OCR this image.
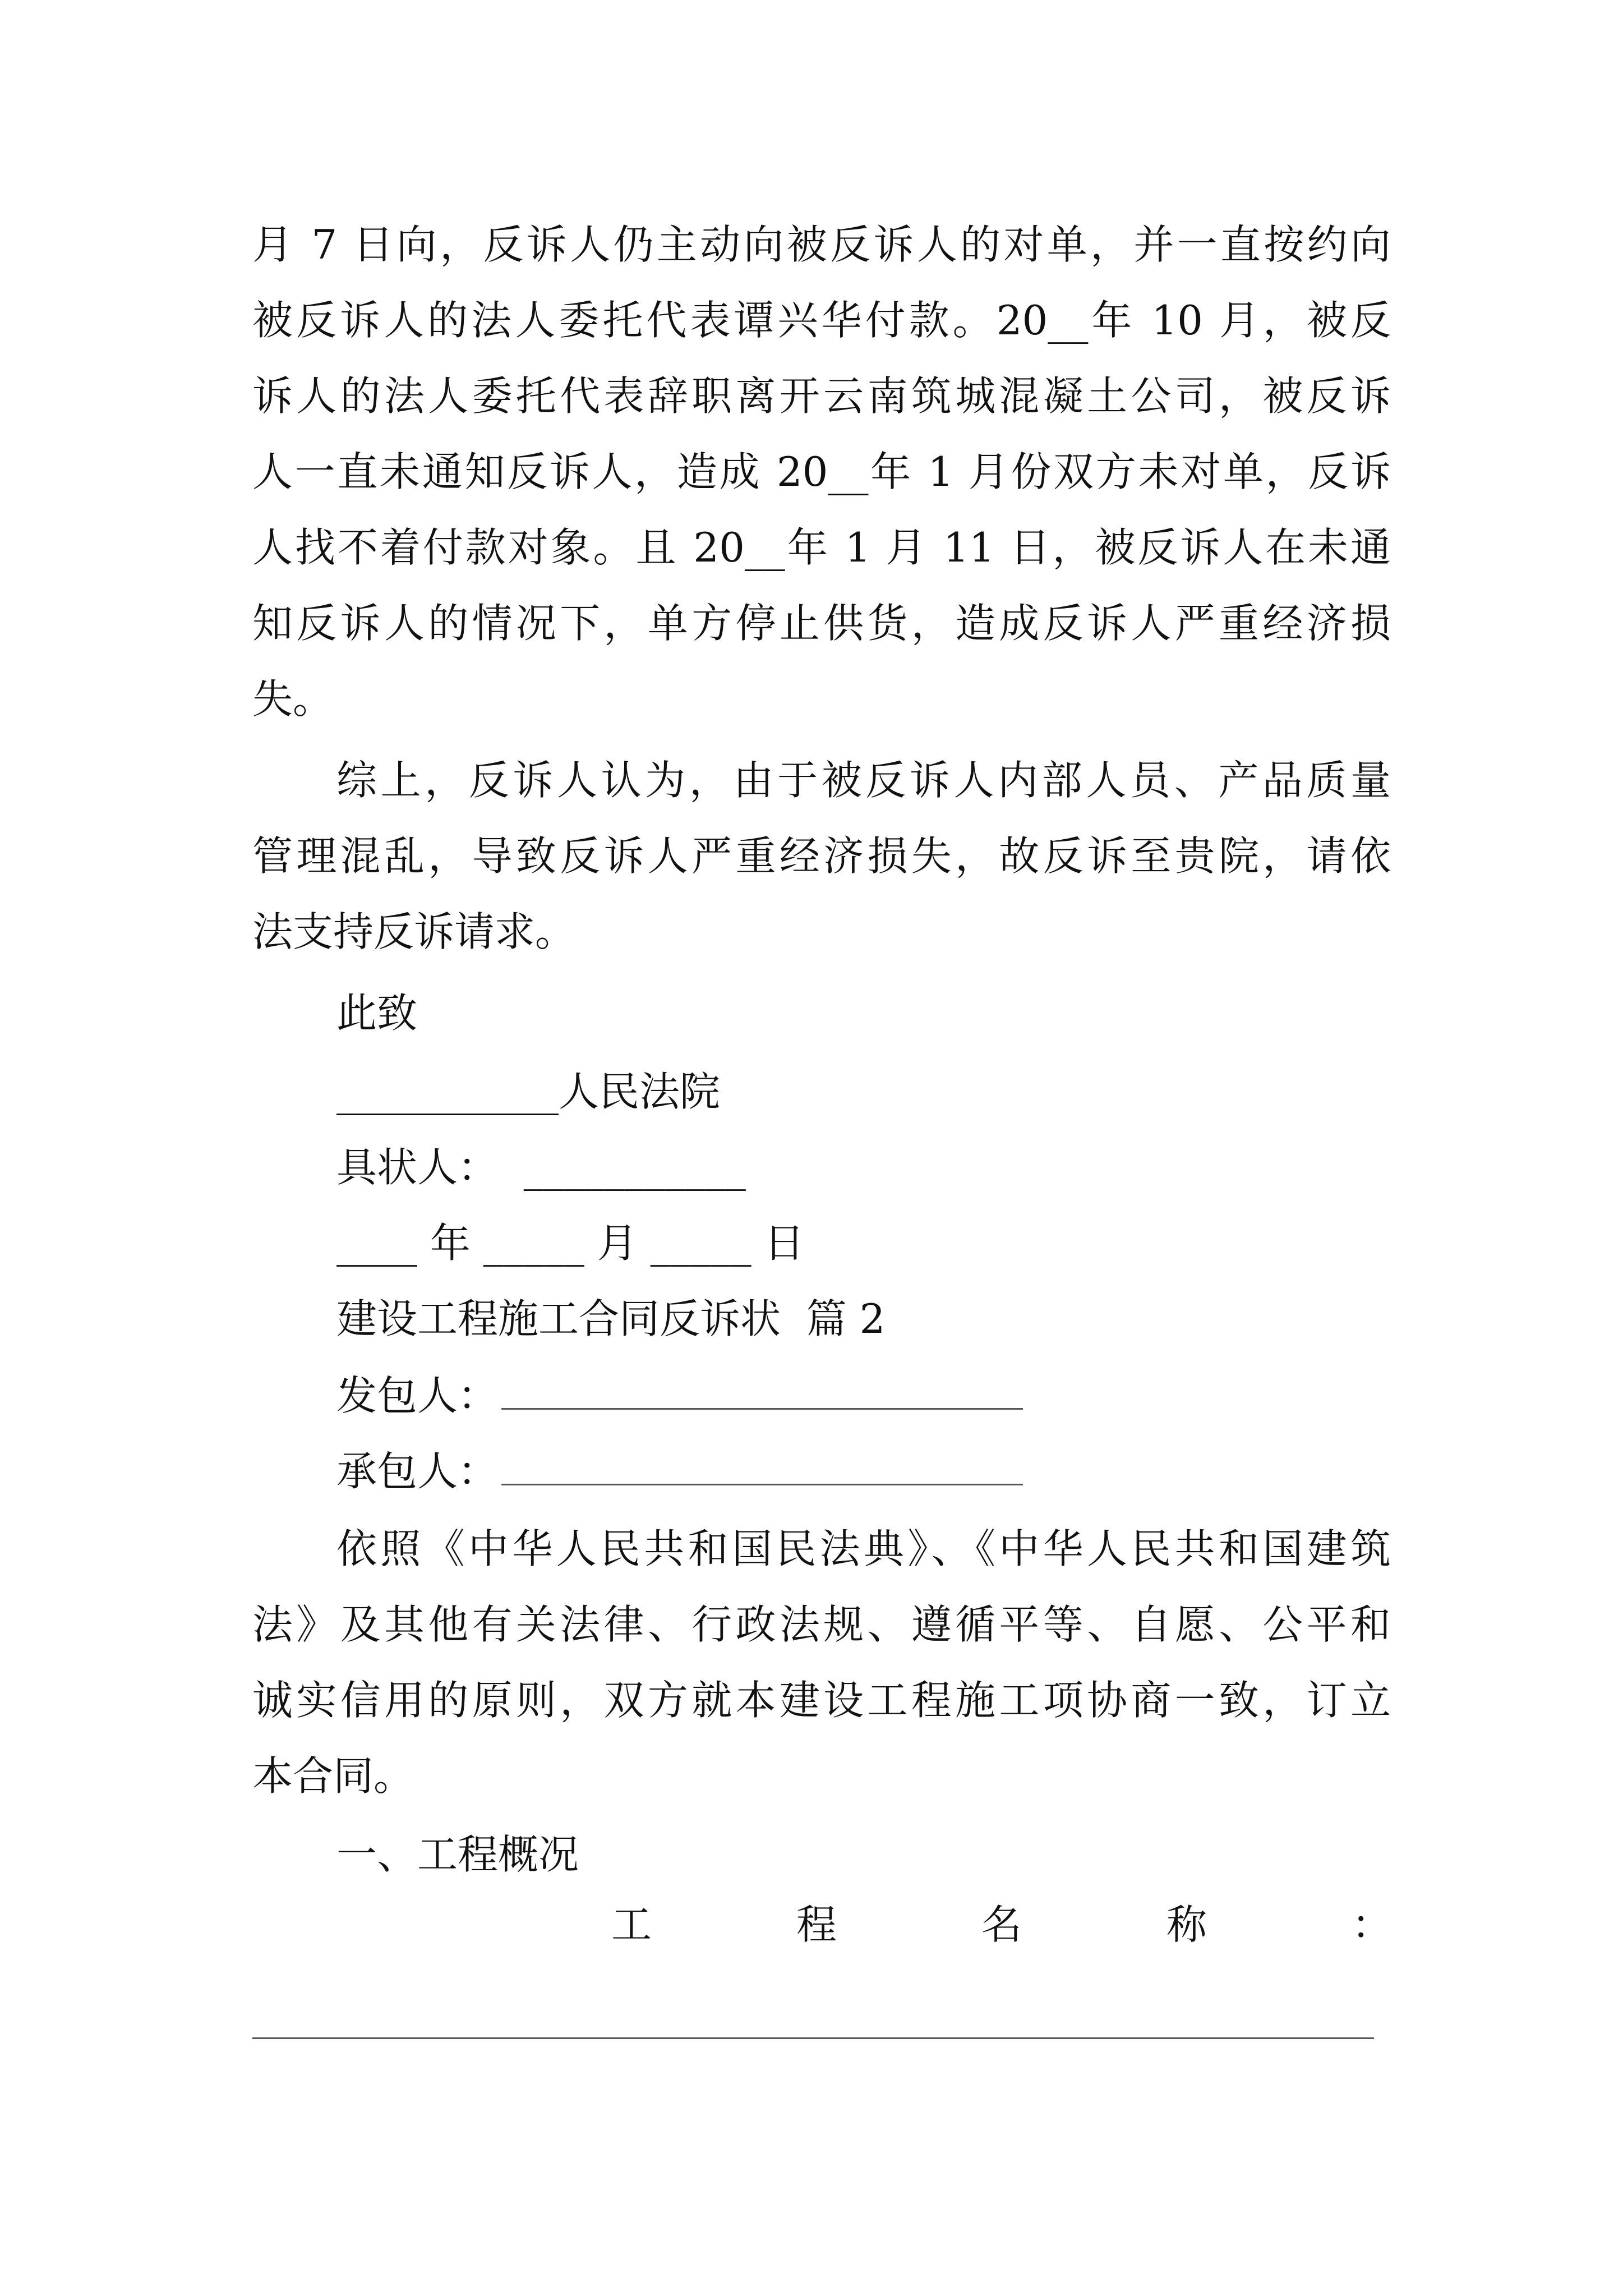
月 7 日向，反诉人仍主动向被反诉人的对单，并一直按约向
被反诉人的法人委托代表谭兴华付款。20__年 10 月，被反
诉人的法人委托代表辞职离开云南筑城混凝土公司，被反诉
人一直未通知反诉人，造成 20__年 1 月份双方未对单，反诉
人找不着付款对象。且 20__年 1 月 11 日，被反诉人在未通
知反诉人的情况下，单方停止供货，造成反诉人严重经济损
失。
综上，反诉人认为，由于被反诉人内部人员、产品质量
管理混乱，导致反诉人严重经济损失，故反诉至贵院，请依
法支持反诉请求。
此致
___________人民法院
具状人： ___________
____ 年 _____ 月 _____ 日
建设工程施工合同反诉状  篇 2
发包人：
承包人：
依照《中华人民共和国民法典》、《中华人民共和国建筑
法》及其他有关法律、行政法规、遵循平等、自愿、公平和
诚实信用的原则，双方就本建设工程施工项协商一致，订立
本合同。
一、工程概况
工	程	名	称	：
